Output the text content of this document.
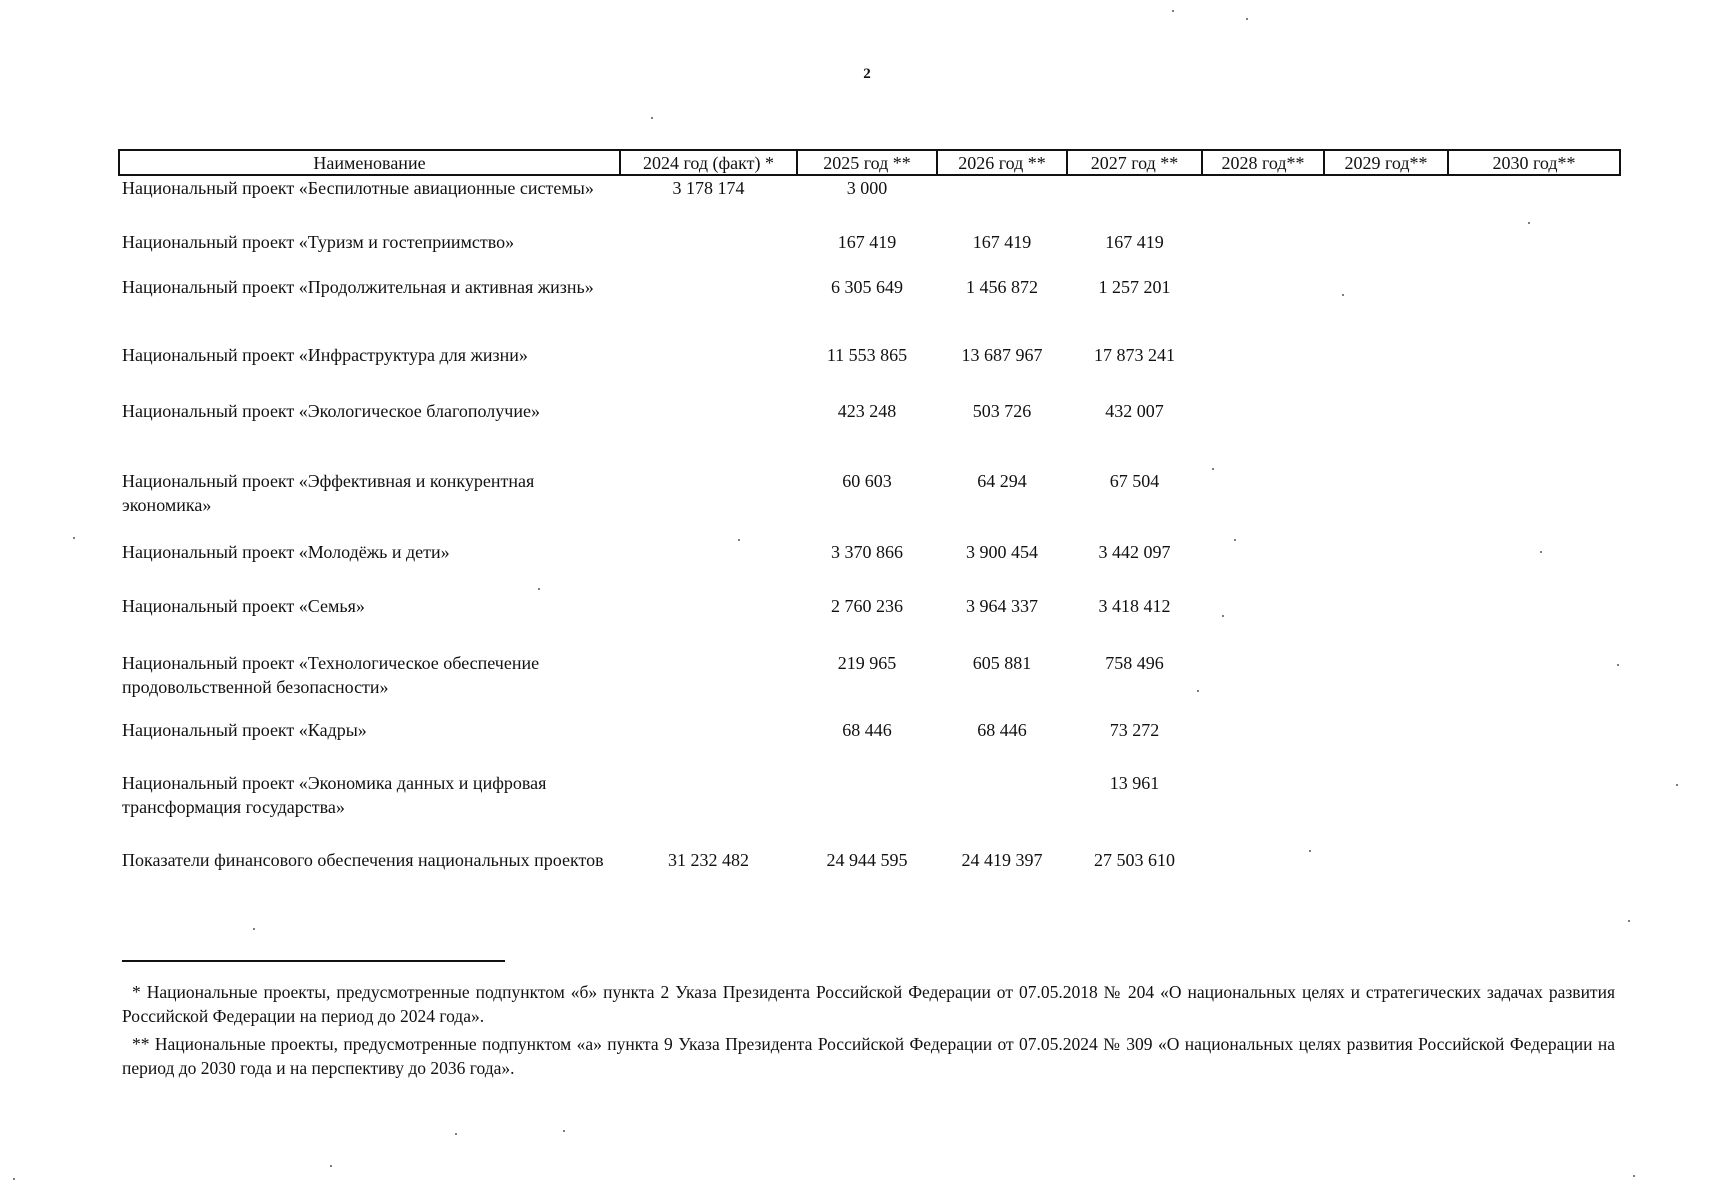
2
Наименование	2024 год (факт) *	2025 год **	2026 год **	2027 год **	2028 год**	2029 год**	2030 год**
Национальный проект «Беспилотные авиационные системы»	3 178 174	3 000					
Национальный проект «Туризм и гостеприимство»		167 419	167 419	167 419			
Национальный проект «Продолжительная и активная жизнь»		6 305 649	1 456 872	1 257 201			
Национальный проект «Инфраструктура для жизни»		11 553 865	13 687 967	17 873 241			
Национальный проект «Экологическое благополучие»		423 248	503 726	432 007			
Национальный проект «Эффективная и конкурентная экономика»		60 603	64 294	67 504			
Национальный проект «Молодёжь и дети»		3 370 866	3 900 454	3 442 097			
Национальный проект «Семья»		2 760 236	3 964 337	3 418 412			
Национальный проект «Технологическое обеспечение продовольственной безопасности»		219 965	605 881	758 496			
Национальный проект «Кадры»		68 446	68 446	73 272			
Национальный проект «Экономика данных и цифровая трансформация государства»				13 961			
Показатели финансового обеспечения национальных проектов	31 232 482	24 944 595	24 419 397	27 503 610			

* Национальные проекты, предусмотренные подпунктом «б» пункта 2 Указа Президента Российской Федерации от 07.05.2018 № 204 «О национальных целях и стратегических задачах развития Российской Федерации на период до 2024 года».

** Национальные проекты, предусмотренные подпунктом «а» пункта 9 Указа Президента Российской Федерации от 07.05.2024 № 309 «О национальных целях развития Российской Федерации на период до 2030 года и на перспективу до 2036 года».
